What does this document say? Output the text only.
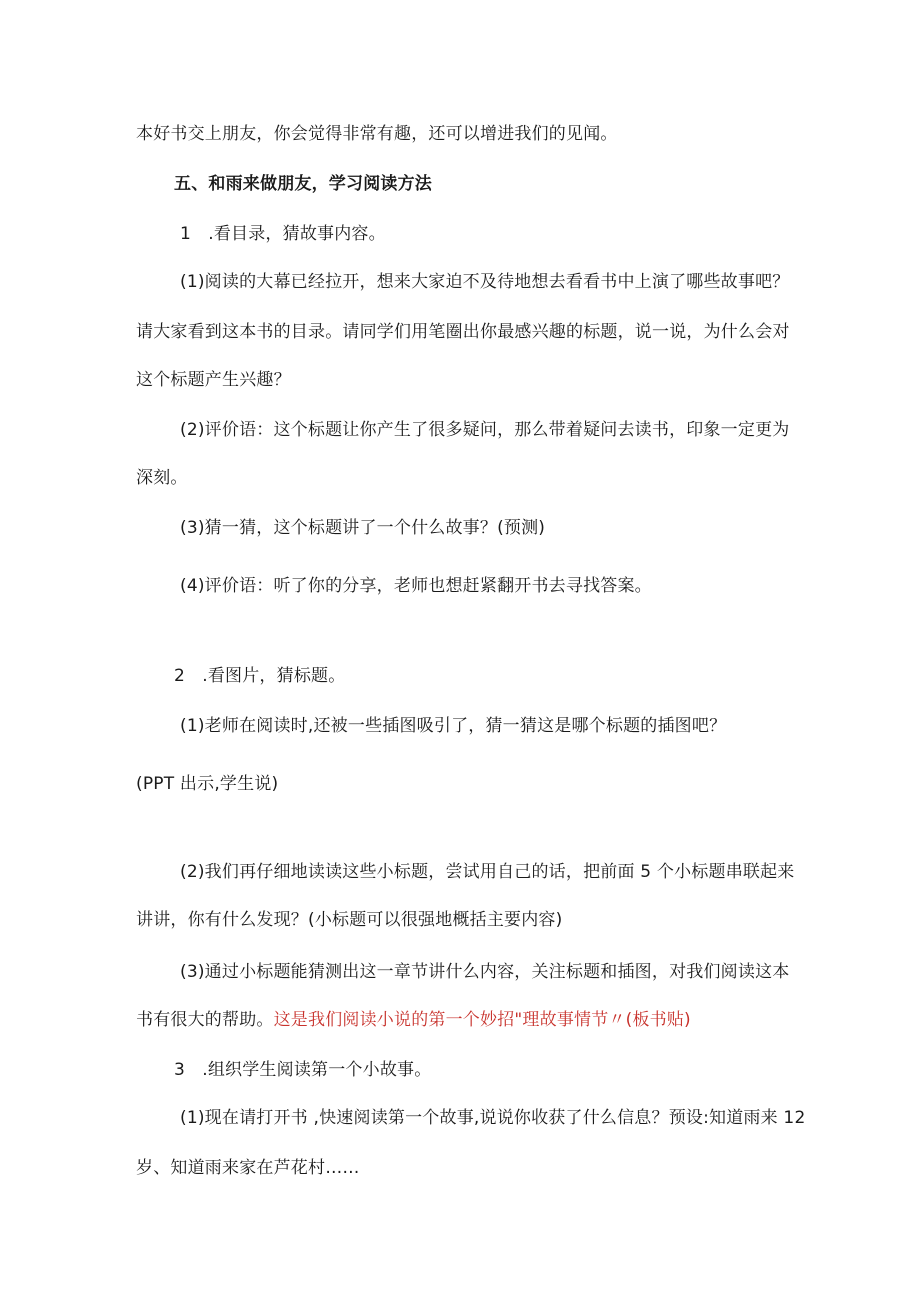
本好书交上朋友，你会觉得非常有趣，还可以增进我们的见闻。
五、和雨来做朋友，学习阅读方法
1　.看目录，猜故事内容。
(1)阅读的大幕已经拉开，想来大家迫不及待地想去看看书中上演了哪些故事吧？
请大家看到这本书的目录。请同学们用笔圈出你最感兴趣的标题，说一说，为什么会对
这个标题产生兴趣？
(2)评价语：这个标题让你产生了很多疑问，那么带着疑问去读书，印象一定更为
深刻。
(3)猜一猜，这个标题讲了一个什么故事？(预测)
(4)评价语：听了你的分享，老师也想赶紧翻开书去寻找答案。
2　.看图片，猜标题。
(1)老师在阅读时,还被一些插图吸引了，猜一猜这是哪个标题的插图吧？
(PPT 出示,学生说)
(2)我们再仔细地读读这些小标题，尝试用自己的话，把前面 5 个小标题串联起来
讲讲，你有什么发现？(小标题可以很强地概括主要内容)
(3)通过小标题能猜测出这一章节讲什么内容，关注标题和插图，对我们阅读这本
书有很大的帮助。这是我们阅读小说的第一个妙招"理故事情节〃(板书贴)
3　.组织学生阅读第一个小故事。
(1)现在请打开书 ,快速阅读第一个故事,说说你收获了什么信息？预设:知道雨来 12
岁、知道雨来家在芦花村……
